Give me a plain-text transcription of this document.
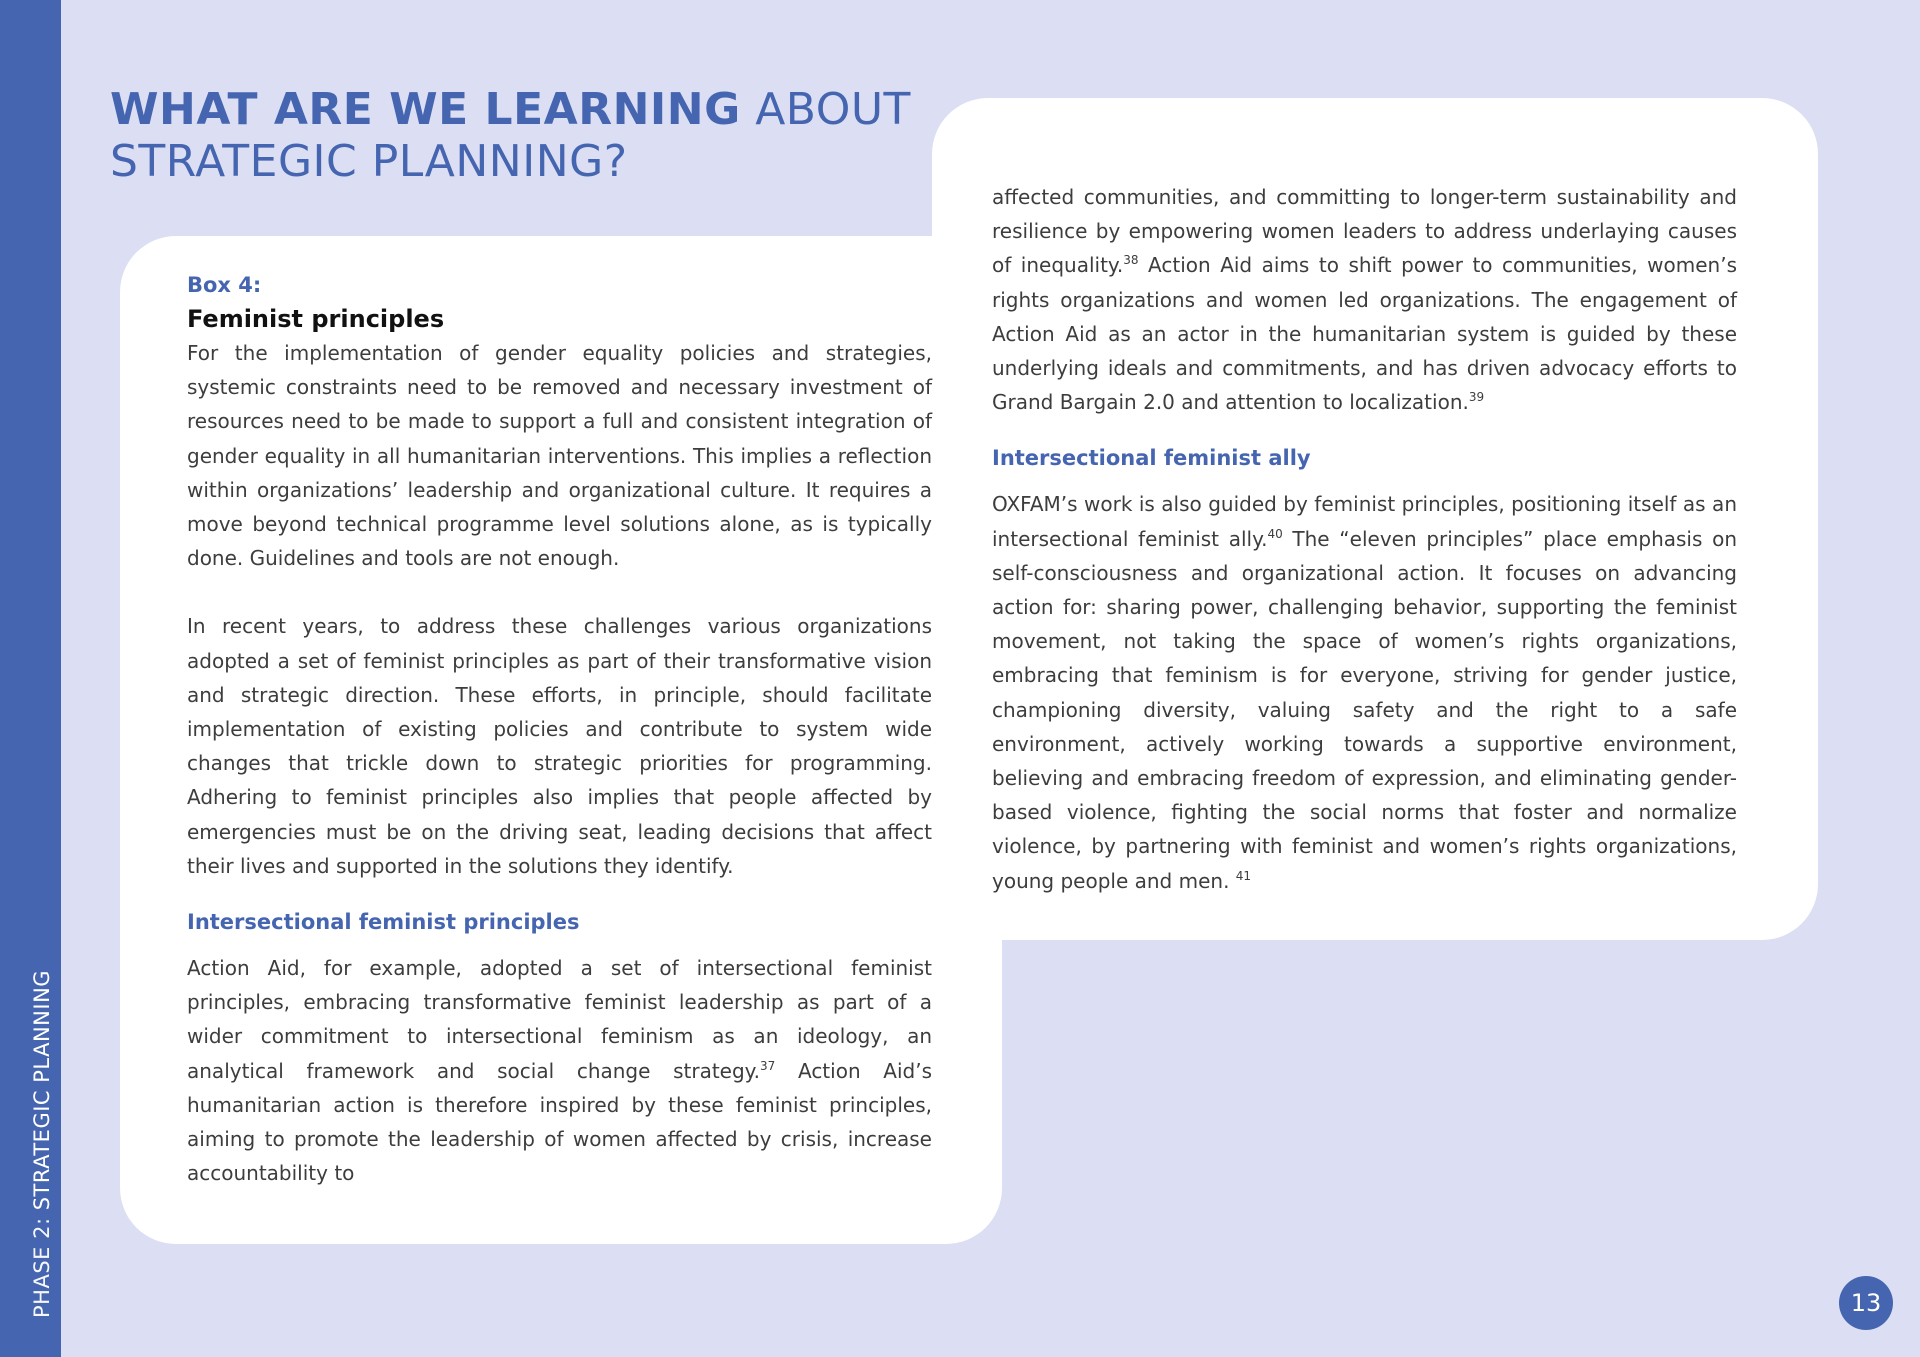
PHASE 2: STRATEGIC PLANNING
WHAT ARE WE LEARNING ABOUT
STRATEGIC PLANNING?

Box 4:

Feminist principles

For the implementation of gender equality policies and strategies, systemic constraints need to be removed and necessary investment of resources need to be made to support a full and consistent integration of gender equality in all humanitarian interventions. This implies a reflection within organizations’ leadership and organizational culture. It requires a move beyond technical programme level solutions alone, as is typically done. Guidelines and tools are not enough.

In recent years, to address these challenges various organizations adopted a set of feminist principles as part of their transformative vision and strategic direction. These efforts, in principle, should facilitate implementation of existing policies and contribute to system wide changes that trickle down to strategic priorities for programming. Adhering to feminist principles also implies that people affected by emergencies must be on the driving seat, leading decisions that affect their lives and supported in the solutions they identify.

Intersectional feminist principles

Action Aid, for example, adopted a set of intersectional feminist principles, embracing transformative feminist leadership as part of a wider commitment to intersectional feminism as an ideology, an analytical framework and social change strategy.$^{37}$ Action Aid’s humanitarian action is therefore inspired by these feminist principles, aiming to promote the leadership of women affected by crisis, increase accountability to

affected communities, and committing to longer-term sustainability and resilience by empowering women leaders to address underlaying causes of inequality.$^{38}$ Action Aid aims to shift power to communities, women’s rights organizations and women led organizations. The engagement of Action Aid as an actor in the humanitarian system is guided by these underlying ideals and commitments, and has driven advocacy efforts to Grand Bargain 2.0 and attention to localization.$^{39}$

Intersectional feminist ally

OXFAM’s work is also guided by feminist principles, positioning itself as an intersectional feminist ally.$^{40}$ The “eleven principles” place emphasis on self-consciousness and organizational action. It focuses on advancing action for: sharing power, challenging behavior, supporting the feminist movement, not taking the space of women’s rights organizations, embracing that feminism is for everyone, striving for gender justice, championing diversity, valuing safety and the right to a safe environment, actively working towards a supportive environment, believing and embracing freedom of expression, and eliminating gender-based violence, fighting the social norms that foster and normalize violence, by partnering with feminist and women’s rights organizations, young people and men. $^{41}$

13
